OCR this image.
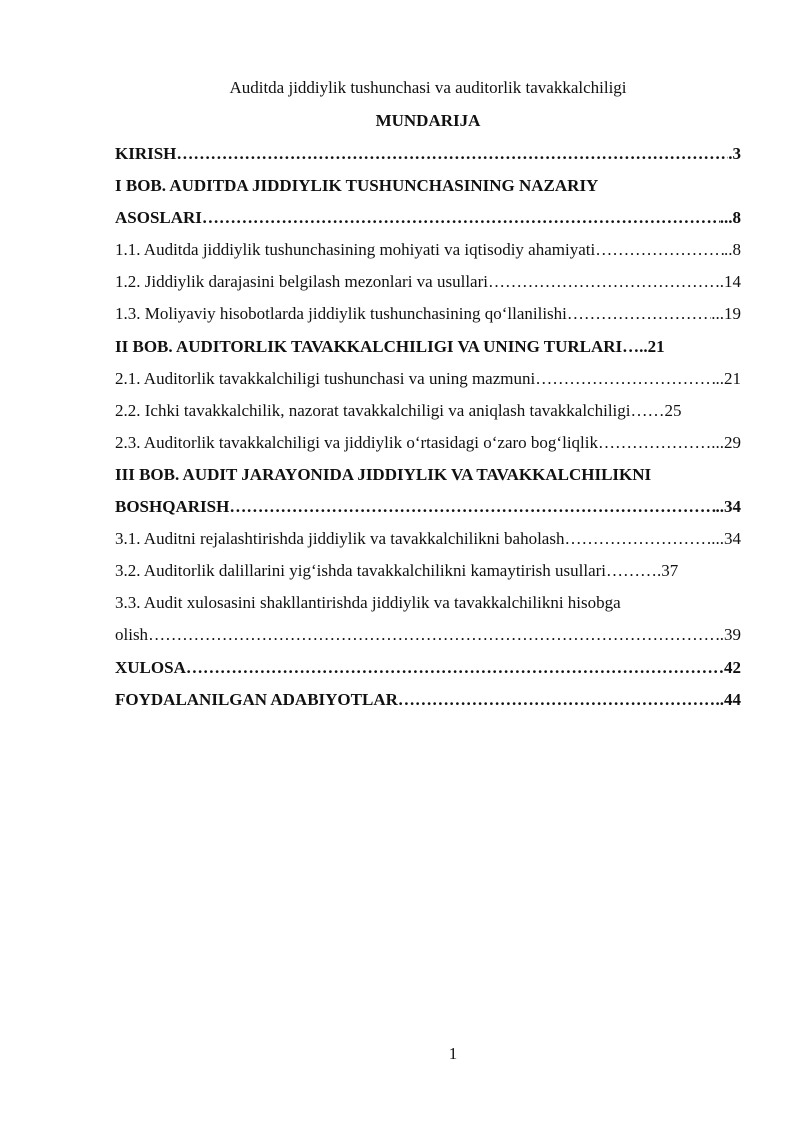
Auditda jiddiylik tushunchasi va auditorlik tavakkalchiligi
MUNDARIJA
KIRISH ………………………………………………………………………………………………………………………………………………………………………………	.3
I BOB. AUDITDA JIDDIYLIK TUSHUNCHASINING NAZARIY
ASOSLARI ………………………………………………………………………………………………………………………………………………………………………………	...8
1.1. Auditda jiddiylik tushunchasining mohiyati va iqtisodiy ahamiyati ………………………………………………………………………………………………………………………………………………………………………………	..8
1.2. Jiddiylik darajasini belgilash mezonlari va usullari ………………………………………………………………………………………………………………………………………………………………………………	.14
1.3. Moliyaviy hisobotlarda jiddiylik tushunchasining qo‘llanilishi ………………………………………………………………………………………………………………………………………………………………………………	...19
II BOB. AUDITORLIK TAVAKKALCHILIGI VA UNING TURLARI …..21
2.1. Auditorlik tavakkalchiligi tushunchasi va uning mazmuni ………………………………………………………………………………………………………………………………………………………………………………	..21
2.2. Ichki tavakkalchilik, nazorat tavakkalchiligi va aniqlash tavakkalchiligi ……25
2.3. Auditorlik tavakkalchiligi va jiddiylik o‘rtasidagi o‘zaro bog‘liqlik ………………………………………………………………………………………………………………………………………………………………………………	...29
III BOB. AUDIT JARAYONIDA JIDDIYLIK VA TAVAKKALCHILIKNI
BOSHQARISH ………………………………………………………………………………………………………………………………………………………………………………	..34
3.1. Auditni rejalashtirishda jiddiylik va tavakkalchilikni baholash ………………………………………………………………………………………………………………………………………………………………………………	...34
3.2. Auditorlik dalillarini yig‘ishda tavakkalchilikni kamaytirish usullari ……….37
3.3. Audit xulosasini shakllantirishda jiddiylik va tavakkalchilikni hisobga
olish ………………………………………………………………………………………………………………………………………………………………………………	.39
XULOSA ………………………………………………………………………………………………………………………………………………………………………………	42
FOYDALANILGAN ADABIYOTLAR ………………………………………………………………………………………………………………………………………………………………………………	..44
1
